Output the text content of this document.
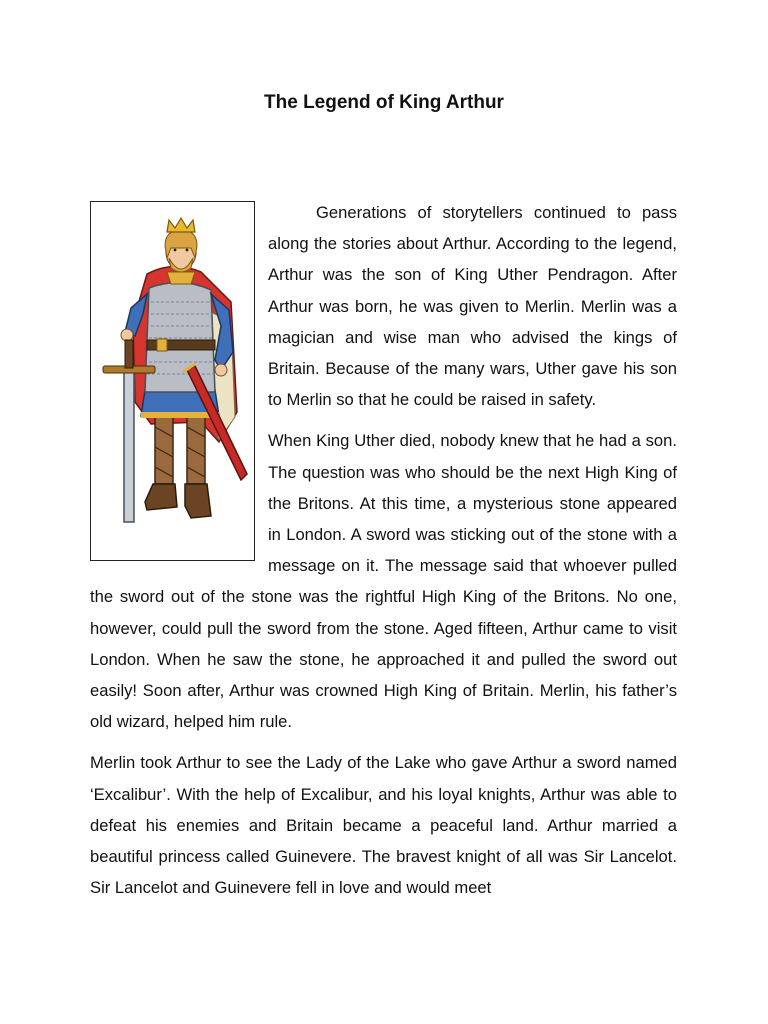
The Legend of King Arthur

Generations of storytellers continued to pass along the stories about Arthur. According to the legend, Arthur was the son of King Uther Pendragon. After Arthur was born, he was given to Merlin. Merlin was a magician and wise man who advised the kings of Britain. Because of the many wars, Uther gave his son to Merlin so that he could be raised in safety.

When King Uther died, nobody knew that he had a son. The question was who should be the next High King of the Britons. At this time, a mysterious stone appeared in London. A sword was sticking out of the stone with a message on it. The message said that whoever pulled the sword out of the stone was the rightful High King of the Britons. No one, however, could pull the sword from the stone. Aged fifteen, Arthur came to visit London. When he saw the stone, he approached it and pulled the sword out easily! Soon after, Arthur was crowned High King of Britain. Merlin, his father’s old wizard, helped him rule.

Merlin took Arthur to see the Lady of the Lake who gave Arthur a sword named ‘Excalibur’. With the help of Excalibur, and his loyal knights, Arthur was able to defeat his enemies and Britain became a peaceful land. Arthur married a beautiful princess called Guinevere. The bravest knight of all was Sir Lancelot. Sir Lancelot and Guinevere fell in love and would meet
